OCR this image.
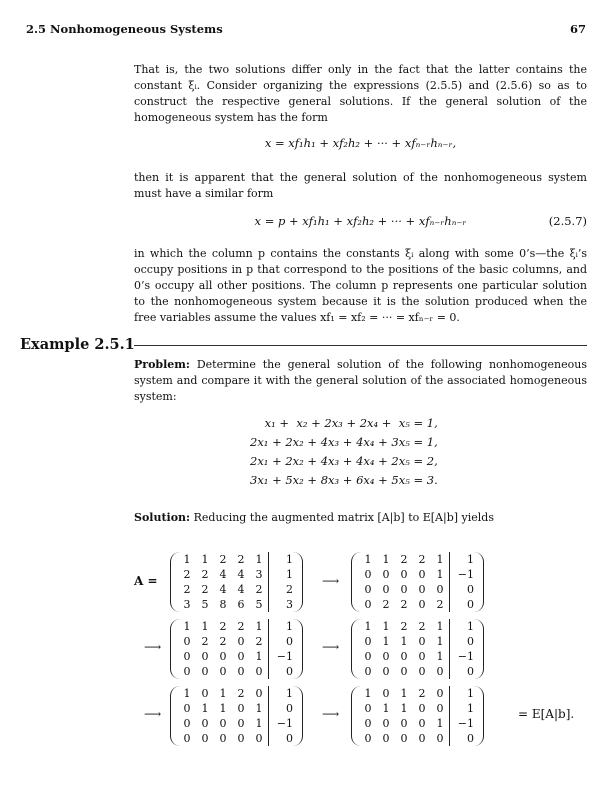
2.5 Nonhomogeneous Systems	67
That is, the two solutions differ only in the fact that the latter contains the constant ξᵢ. Consider organizing the expressions (2.5.5) and (2.5.6) so as to construct the respective general solutions. If the general solution of the homogeneous system has the form
x = xf₁h₁ + xf₂h₂ + ··· + xfₙ₋ᵣhₙ₋ᵣ,
then it is apparent that the general solution of the nonhomogeneous system must have a similar form
x = p + xf₁h₁ + xf₂h₂ + ··· + xfₙ₋ᵣhₙ₋ᵣ	(2.5.7)
in which the column p contains the constants ξᵢ along with some 0’s—the ξᵢ’s occupy positions in p that correspond to the positions of the basic columns, and 0’s occupy all other positions. The column p represents one particular solution to the nonhomogeneous system because it is the solution produced when the free variables assume the values xf₁ = xf₂ = ··· = xfₙ₋ᵣ = 0.
Example 2.5.1
Problem: Determine the general solution of the following nonhomogeneous system and compare it with the general solution of the associated homogeneous system:
x₁ +  x₂ + 2x₃ + 2x₄ +  x₅ = 1,
2x₁ + 2x₂ + 4x₃ + 4x₄ + 3x₅ = 1,
2x₁ + 2x₂ + 4x₃ + 4x₄ + 2x₅ = 2,
3x₁ + 5x₂ + 8x₃ + 6x₄ + 5x₅ = 3.
Solution: Reducing the augmented matrix [A|b] to E[A|b] yields
A =
1	1	2	2	1		1
2	2	4	4	3		1
2	2	4	4	2		2
3	5	8	6	5		3
⟶
1	1	2	2	1		1
0	0	0	0	1		−1
0	0	0	0	0		0
0	2	2	0	2		0
⟶
1	1	2	2	1		1
0	2	2	0	2		0
0	0	0	0	1		−1
0	0	0	0	0		0
⟶
1	1	2	2	1		1
0	1	1	0	1		0
0	0	0	0	1		−1
0	0	0	0	0		0
⟶
1	0	1	2	0		1
0	1	1	0	1		0
0	0	0	0	1		−1
0	0	0	0	0		0
⟶
1	0	1	2	0		1
0	1	1	0	0		1
0	0	0	0	1		−1
0	0	0	0	0		0
= E[A|b].
